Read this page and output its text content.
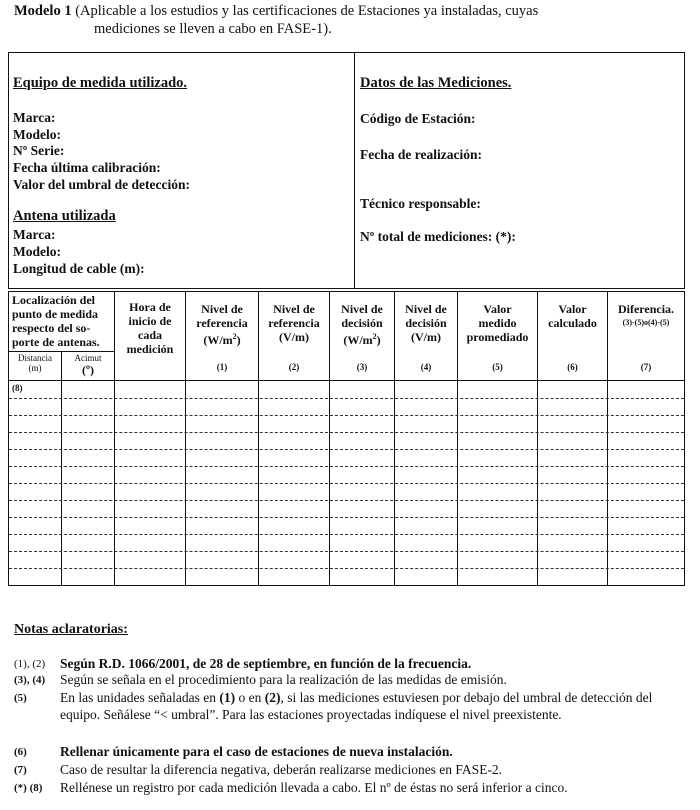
Modelo 1 (Aplicable a los estudios y las certificaciones de Estaciones ya instaladas, cuyas
mediciones se lleven a cabo en FASE-1).
Equipo de medida utilizado.
Marca:
Modelo:
Nº Serie:
Fecha última calibración:
Valor del umbral de detección:
Antena utilizada
Marca:
Modelo:
Longitud de cable (m):
Datos de las Mediciones.
Código de Estación:
Fecha de realización:
Técnico responsable:
Nº total de mediciones: (*):
Localización del
punto de medida
respecto del so-
porte de antenas.
Distancia
(m)
Acimut
(º)
Hora de
inicio de
cada
medición
Nivel de
referencia
$(W/m^2)$
(1)
Nivel de
referencia
(V/m)
(2)
Nivel de
decisión
$(W/m^2)$
(3)
Nivel de
decisión
(V/m)
(4)
Valor
medido
promediado
(5)
Valor
calculado
(6)
Diferencia.
(3)-(5)o(4)-(5)
(7)
(8)
Notas aclaratorias:
(1), (2) Según R.D. 1066/2001, de 28 de septiembre, en función de la frecuencia.
(3), (4) Según se señala en el procedimiento para la realización de las medidas de emisión.
(5) En las unidades señaladas en (1) o en (2), si las mediciones estuviesen por debajo del umbral de detección del equipo. Señálese “< umbral”. Para las estaciones proyectadas indíquese el nivel preexistente.
(6) Rellenar únicamente para el caso de estaciones de nueva instalación.
(7) Caso de resultar la diferencia negativa, deberán realizarse mediciones en FASE-2.
(*) (8) Rellénese un registro por cada medición llevada a cabo. El nº de éstas no será inferior a cinco.
